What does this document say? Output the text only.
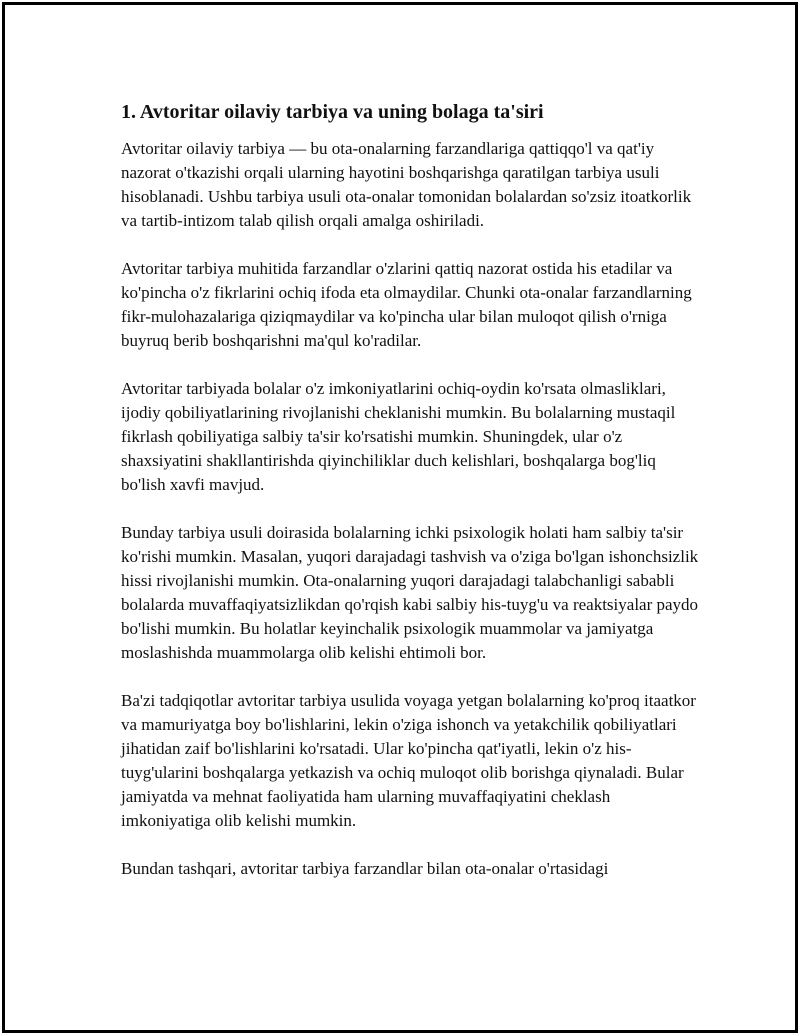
1. Avtoritar oilaviy tarbiya va uning bolaga ta'siri

Avtoritar oilaviy tarbiya — bu ota-onalarning farzandlariga qattiqqo'l va qat'iy nazorat o'tkazishi orqali ularning hayotini boshqarishga qaratilgan tarbiya usuli hisoblanadi. Ushbu tarbiya usuli ota-onalar tomonidan bolalardan so'zsiz itoatkorlik va tartib-intizom talab qilish orqali amalga oshiriladi.

Avtoritar tarbiya muhitida farzandlar o'zlarini qattiq nazorat ostida his etadilar va ko'pincha o'z fikrlarini ochiq ifoda eta olmaydilar. Chunki ota-onalar farzandlarning fikr-mulohazalariga qiziqmaydilar va ko'pincha ular bilan muloqot qilish o'rniga buyruq berib boshqarishni ma'qul ko'radilar.

Avtoritar tarbiyada bolalar o'z imkoniyatlarini ochiq-oydin ko'rsata olmasliklari, ijodiy qobiliyatlarining rivojlanishi cheklanishi mumkin. Bu bolalarning mustaqil fikrlash qobiliyatiga salbiy ta'sir ko'rsatishi mumkin. Shuningdek, ular o'z shaxsiyatini shakllantirishda qiyinchiliklar duch kelishlari, boshqalarga bog'liq bo'lish xavfi mavjud.

Bunday tarbiya usuli doirasida bolalarning ichki psixologik holati ham salbiy ta'sir ko'rishi mumkin. Masalan, yuqori darajadagi tashvish va o'ziga bo'lgan ishonchsizlik hissi rivojlanishi mumkin. Ota-onalarning yuqori darajadagi talabchanligi sababli bolalarda muvaffaqiyatsizlikdan qo'rqish kabi salbiy his-tuyg'u va reaktsiyalar paydo bo'lishi mumkin. Bu holatlar keyinchalik psixologik muammolar va jamiyatga moslashishda muammolarga olib kelishi ehtimoli bor.

Ba'zi tadqiqotlar avtoritar tarbiya usulida voyaga yetgan bolalarning ko'proq itaatkor va mamuriyatga boy bo'lishlarini, lekin o'ziga ishonch va yetakchilik qobiliyatlari jihatidan zaif bo'lishlarini ko'rsatadi. Ular ko'pincha qat'iyatli, lekin o'z his-tuyg'ularini boshqalarga yetkazish va ochiq muloqot olib borishga qiynaladi. Bular jamiyatda va mehnat faoliyatida ham ularning muvaffaqiyatini cheklash imkoniyatiga olib kelishi mumkin.

Bundan tashqari, avtoritar tarbiya farzandlar bilan ota-onalar o'rtasidagi
